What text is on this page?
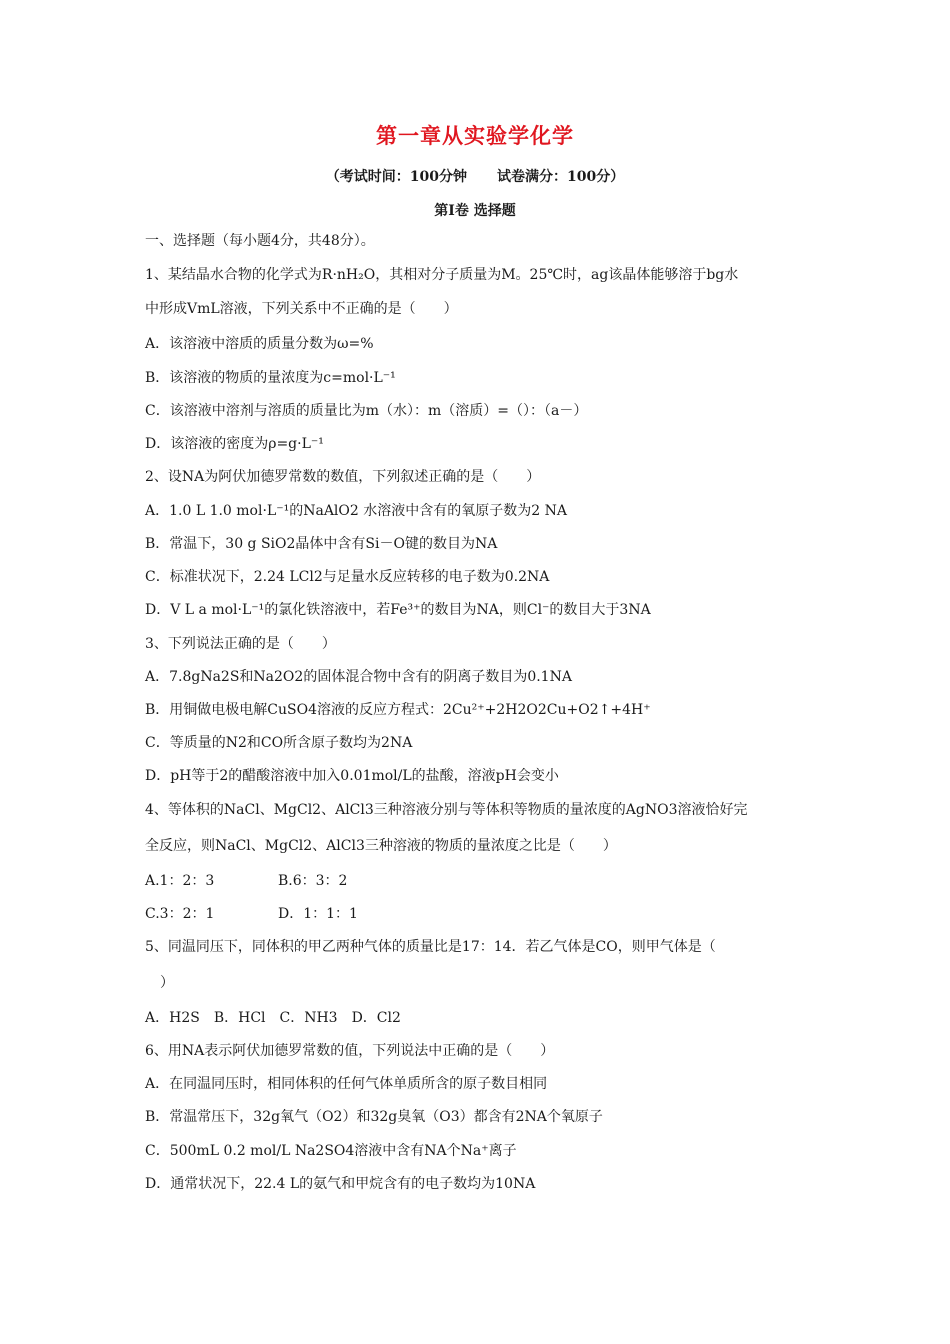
第一章从实验学化学
（考试时间：100分钟 试卷满分：100分）
第Ⅰ卷 选择题
一、选择题（每小题4分，共48分）。
1、某结晶水合物的化学式为R·nH₂O，其相对分子质量为M。25℃时，ag该晶体能够溶于bg水
中形成VmL溶液，下列关系中不正确的是（　　）
A．该溶液中溶质的质量分数为ω=%
B．该溶液的物质的量浓度为c=mol·L⁻¹
C．该溶液中溶剂与溶质的质量比为m（水）：m（溶质）=（）：（a－）
D．该溶液的密度为ρ=g·L⁻¹
2、设NA为阿伏加德罗常数的数值，下列叙述正确的是（　　）
A．1.0 L 1.0 mol·L⁻¹的NaAlO2 水溶液中含有的氧原子数为2 NA
B．常温下，30 g SiO2晶体中含有Si－O键的数目为NA
C．标准状况下，2.24 LCl2与足量水反应转移的电子数为0.2NA
D．V L a mol·L⁻¹的氯化铁溶液中，若Fe³⁺的数目为NA，则Cl⁻的数目大于3NA
3、下列说法正确的是（　　）
A．7.8gNa2S和Na2O2的固体混合物中含有的阴离子数目为0.1NA
B．用铜做电极电解CuSO4溶液的反应方程式：2Cu²⁺+2H2O2Cu+O2↑+4H⁺
C．等质量的N2和CO所含原子数均为2NA
D．pH等于2的醋酸溶液中加入0.01mol/L的盐酸，溶液pH会变小
4、等体积的NaCl、MgCl2、AlCl3三种溶液分别与等体积等物质的量浓度的AgNO3溶液恰好完
全反应，则NaCl、MgCl2、AlCl3三种溶液的物质的量浓度之比是（　　）
A.1：2：3	B.6：3：2
C.3：2：1	D．1：1：1
5、同温同压下，同体积的甲乙两种气体的质量比是17：14．若乙气体是CO，则甲气体是（
）
A．H2S　B．HCl　C．NH3　D．Cl2
6、用NA表示阿伏加德罗常数的值，下列说法中正确的是（　　）
A．在同温同压时，相同体积的任何气体单质所含的原子数目相同
B．常温常压下，32g氧气（O2）和32g臭氧（O3）都含有2NA个氧原子
C．500mL 0.2 mol/L Na2SO4溶液中含有NA个Na⁺离子
D．通常状况下，22.4 L的氨气和甲烷含有的电子数均为10NA
